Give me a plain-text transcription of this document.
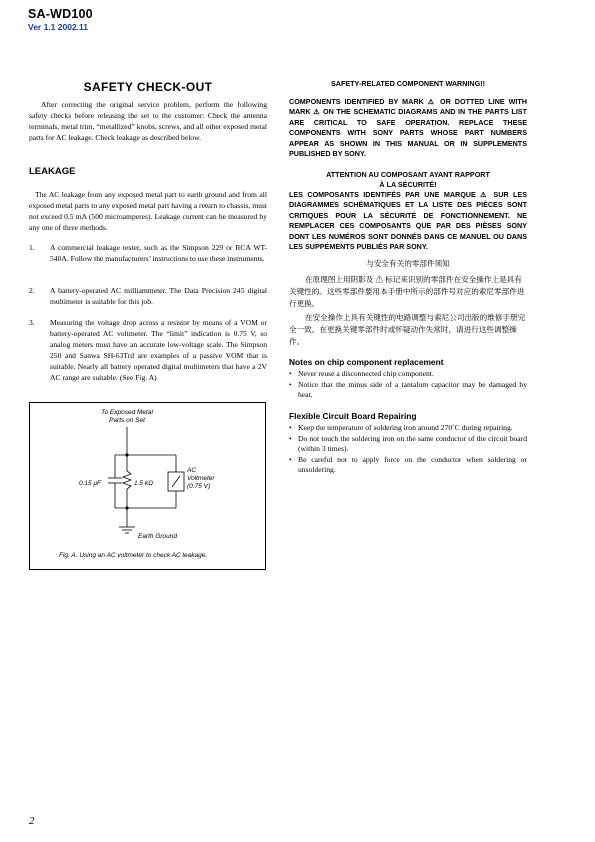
SA-WD100
Ver 1.1 2002.11
SAFETY CHECK-OUT
After correcting the original service problem, perform the following safety checks before releasing the set to the customer: Check the antenna terminals, metal trim, “metallized” knobs, screws, and all other exposed metal parts for AC leakage. Check leakage as described below.
LEAKAGE
The AC leakage from any exposed metal part to earth ground and from all exposed metal parts to any exposed metal part having a return to chassis, must not exceed 0.5 mA (500 microamperes). Leakage current can be measured by any one of three methods.
1. A commercial leakage tester, such as the Simpson 229 or RCA WT-540A. Follow the manufacturers’ instructions to use these instruments.
2. A battery-operated AC milliammeter. The Data Precision 245 digital multimeter is suitable for this job.
3. Measuring the voltage drop across a resistor by means of a VOM or battery-operated AC voltmeter. The “limit” indication is 0.75 V, so analog meters must have an accurate low-voltage scale. The Simpson 250 and Sanwa SH-63Trd are examples of a passive VOM that is suitable. Nearly all battery operated digital multimeters that have a 2V AC range are suitable. (See Fig. A)
To Exposed Metal
Parts on Set
0.15 μF	1.5 kΩ
AC
Voltmeter
(0.75 V)
Earth Ground
Fig. A. Using an AC voltmeter to check AC leakage.
SAFETY-RELATED COMPONENT WARNING!!
COMPONENTS IDENTIFIED BY MARK ⚠ OR DOTTED LINE WITH MARK ⚠ ON THE SCHEMATIC DIAGRAMS AND IN THE PARTS LIST ARE CRITICAL TO SAFE OPERATION. REPLACE THESE COMPONENTS WITH SONY PARTS WHOSE PART NUMBERS APPEAR AS SHOWN IN THIS MANUAL OR IN SUPPLEMENTS PUBLISHED BY SONY.
ATTENTION AU COMPOSANT AYANT RAPPORT
À LA SÉCURITÉ!
LES COMPOSANTS IDENTIFÉS PAR UNE MARQUE ⚠ SUR LES DIAGRAMMES SCHÉMATIQUES ET LA LISTE DES PIÈCES SONT CRITIQUES POUR LA SÉCURITÉ DE FONCTIONNEMENT. NE REMPLACER CES COMPOSANTS QUE PAR DES PIÈSES SONY DONT LES NUMÉROS SONT DONNÉS DANS CE MANUEL OU DANS LES SUPPÉMENTS PUBLIÉS PAR SONY.
与安全有关的零部件须知
在原理图上用阴影及 ⚠ 标记来识别的零部件在安全操作上是具有关键性的。这些零部件要用本手册中所示的部件号对应的索尼零部件进行更换。
在安全操作上具有关键性的电路调整与索尼公司出版的维修手册完全一致。在更换关键零部件时或怀疑动作失常时，请进行这些调整操作。
Notes on chip component replacement
• Never reuse a disconnected chip component.
• Notice that the minus side of a tantalum capacitor may be damaged by heat.
Flexible Circuit Board Repairing
• Keep the temperature of soldering iron around 270˚C during repairing.
• Do not touch the soldering iron on the same conductor of the circuit board (within 3 times).
• Be careful not to apply force on the conductor when soldering or unsoldering.
2
